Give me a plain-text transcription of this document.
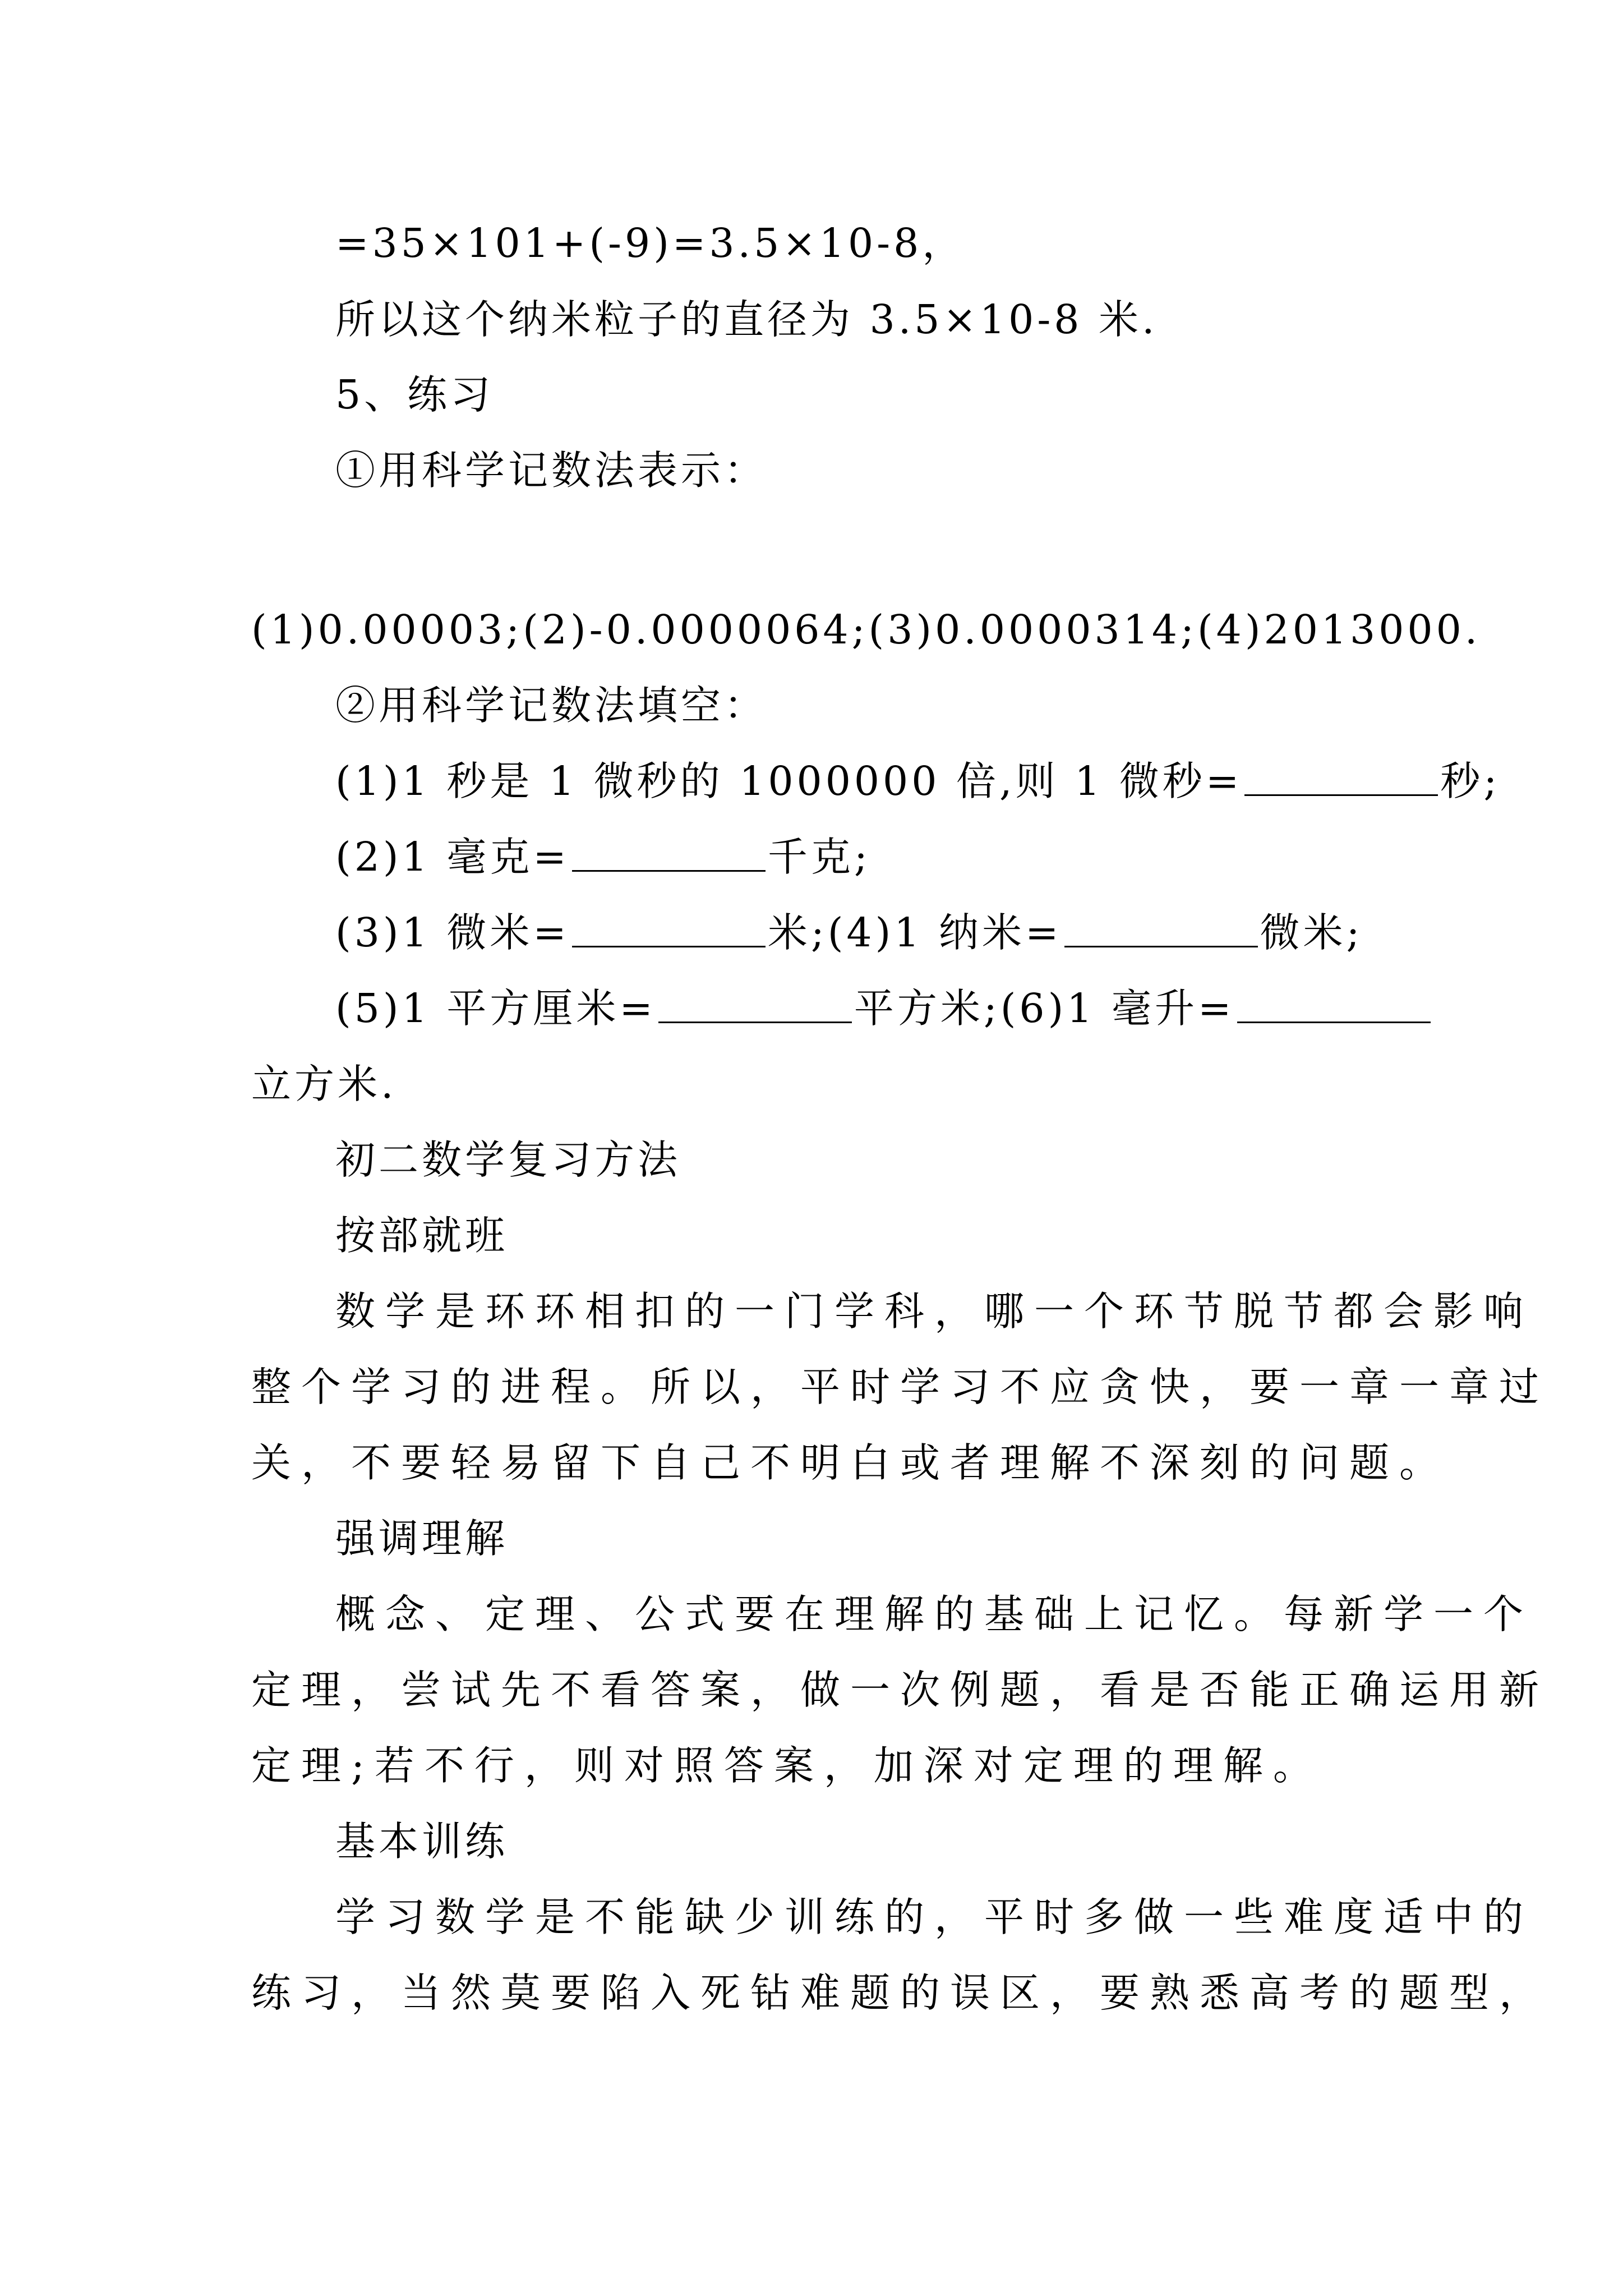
=35×101+(-9)=3.5×10-8，

所以这个纳米粒子的直径为 3.5×10-8 米.

5、练习

①用科学记数法表示：

(1)0.00003;(2)-0.0000064;(3)0.0000314;(4)2013000.

②用科学记数法填空：

(1)1 秒是 1 微秒的 1000000 倍,则 1 微秒=	秒;

(2)1 毫克=	千克;

(3)1 微米=	米;(4)1 纳米=	微米;

(5)1 平方厘米=	平方米;(6)1 毫升=

立方米.

初二数学复习方法

按部就班

数学是环环相扣的一门学科，哪一个环节脱节都会影响

整个学习的进程。所以，平时学习不应贪快，要一章一章过

关，不要轻易留下自己不明白或者理解不深刻的问题。

强调理解

概念、定理、公式要在理解的基础上记忆。每新学一个

定理，尝试先不看答案，做一次例题，看是否能正确运用新

定理;若不行，则对照答案，加深对定理的理解。

基本训练

学习数学是不能缺少训练的，平时多做一些难度适中的

练习，当然莫要陷入死钻难题的误区，要熟悉高考的题型，
